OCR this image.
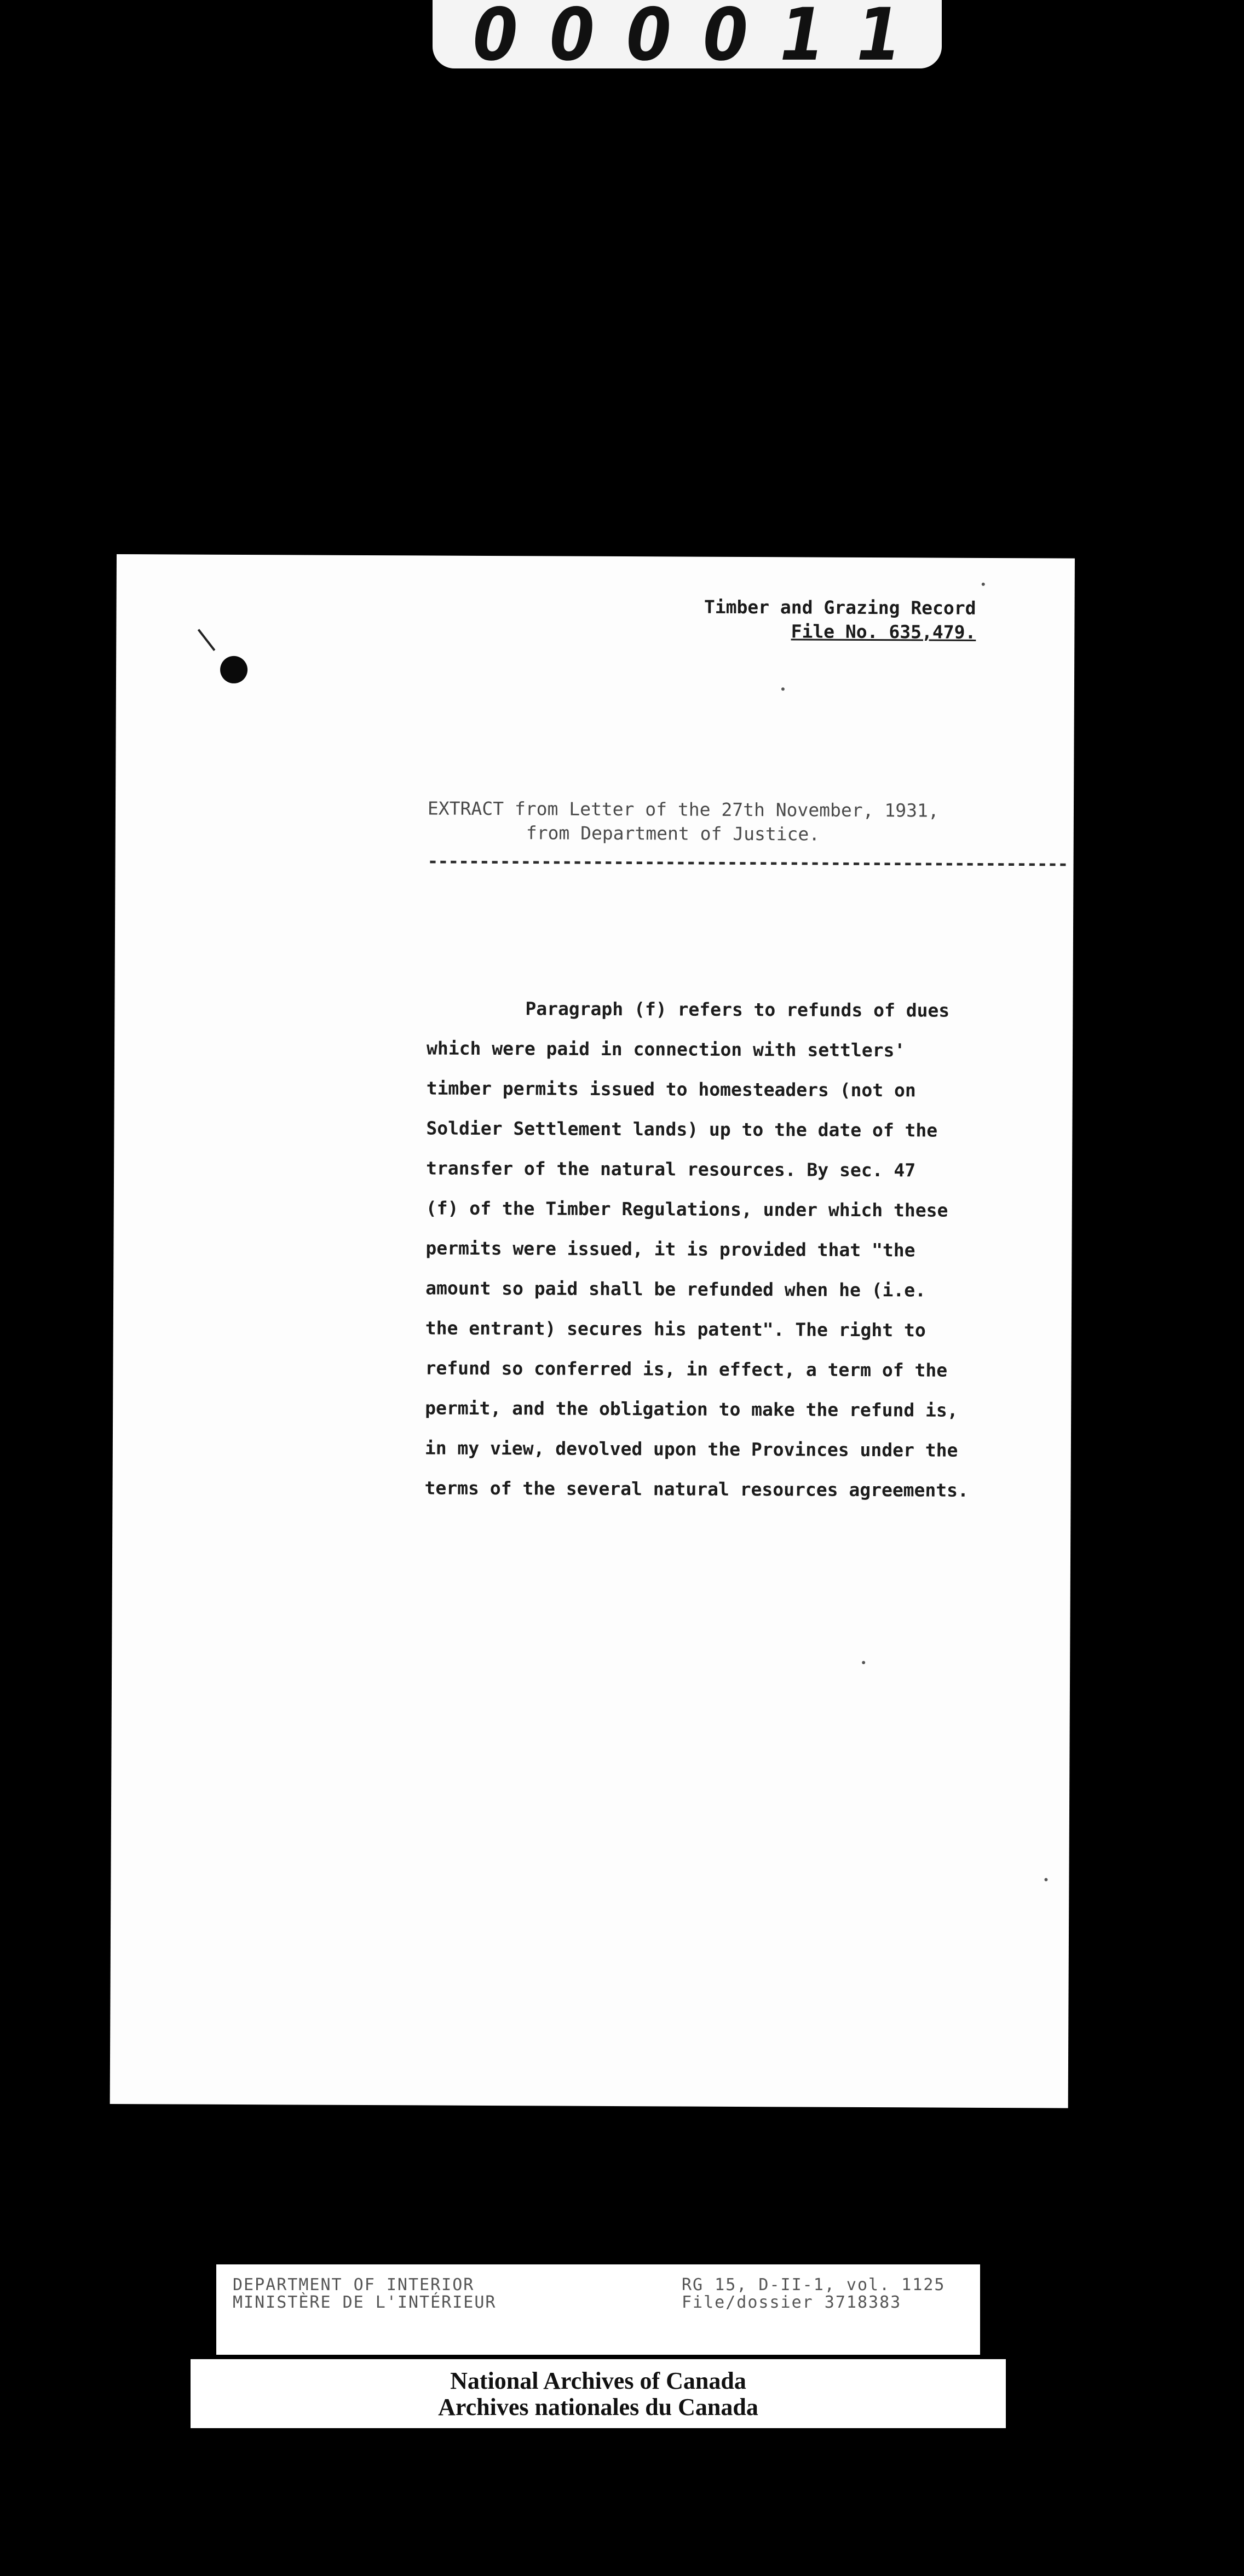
000011
Timber and Grazing Record
File No. 635,479.
EXTRACT from Letter of the 27th November, 1931,
from Department of Justice.
--------------------------------------------------------------
Paragraph (f) refers to refunds of dues
which were paid in connection with settlers'
timber permits issued to homesteaders (not on
Soldier Settlement lands) up to the date of the
transfer of the natural resources. By sec. 47
(f) of the Timber Regulations, under which these
permits were issued, it is provided that "the
amount so paid shall be refunded when he (i.e.
the entrant) secures his patent". The right to
refund so conferred is, in effect, a term of the
permit, and the obligation to make the refund is,
in my view, devolved upon the Provinces under the
terms of the several natural resources agreements.
DEPARTMENT OF INTERIOR
MINISTÈRE DE L'INTÉRIEUR
RG 15, D-II-1, vol. 1125
File/dossier 3718383
National Archives of Canada
Archives nationales du Canada
